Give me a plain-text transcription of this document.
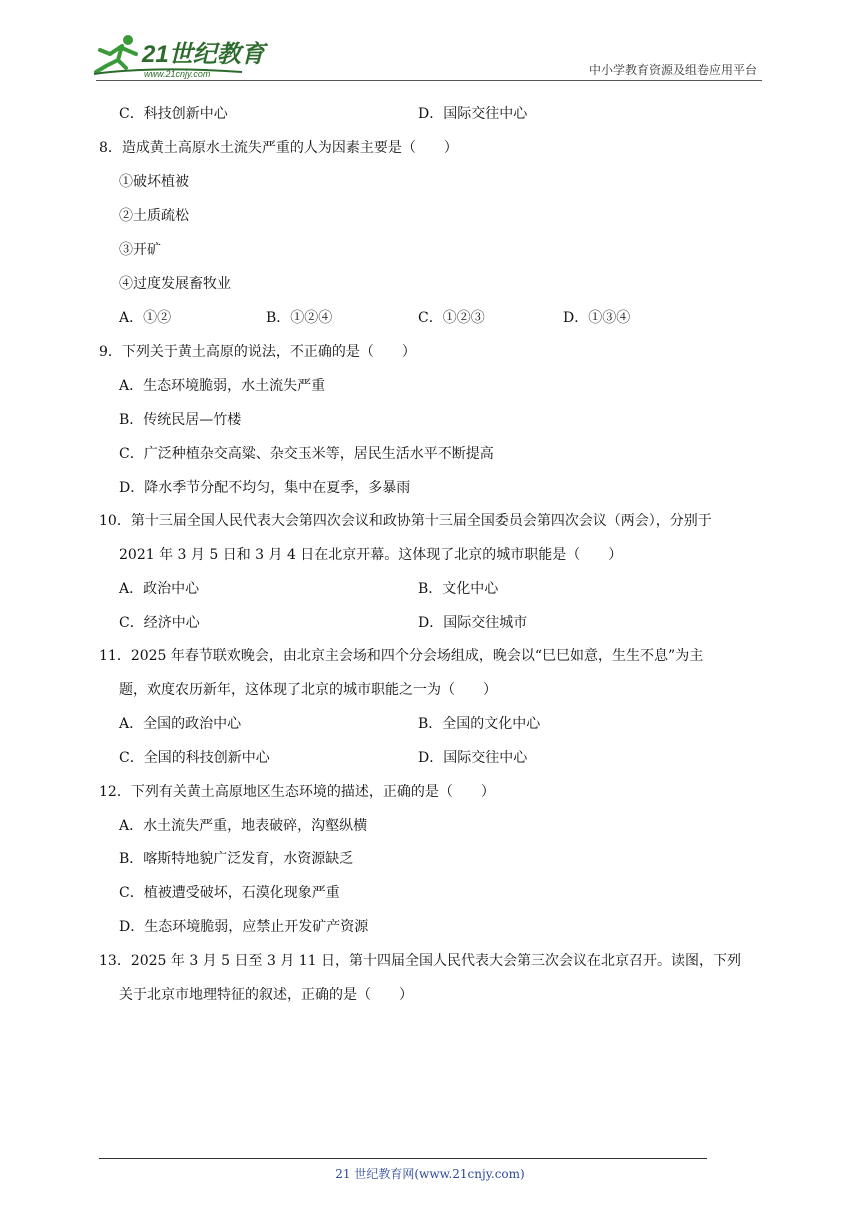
21世纪教育
www.21cnjy.com	中小学教育资源及组卷应用平台
C．科技创新中心	D．国际交往中心
8．造成黄土高原水土流失严重的人为因素主要是（　　）
①破坏植被
②土质疏松
③开矿
④过度发展畜牧业
A．①②	B．①②④	C．①②③	D．①③④
9．下列关于黄土高原的说法，不正确的是（　　）
A．生态环境脆弱，水土流失严重
B．传统民居—竹楼
C．广泛种植杂交高粱、杂交玉米等，居民生活水平不断提高
D．降水季节分配不均匀，集中在夏季，多暴雨
10．第十三届全国人民代表大会第四次会议和政协第十三届全国委员会第四次会议（两会），分别于
2021 年 3 月 5 日和 3 月 4 日在北京开幕。这体现了北京的城市职能是（　　）
A．政治中心	B．文化中心
C．经济中心	D．国际交往城市
11．2025 年春节联欢晚会，由北京主会场和四个分会场组成，晚会以“巳巳如意，生生不息”为主
题，欢度农历新年，这体现了北京的城市职能之一为（　　）
A．全国的政治中心	B．全国的文化中心
C．全国的科技创新中心	D．国际交往中心
12．下列有关黄土高原地区生态环境的描述，正确的是（　　）
A．水土流失严重，地表破碎，沟壑纵横
B．喀斯特地貌广泛发育，水资源缺乏
C．植被遭受破坏，石漠化现象严重
D．生态环境脆弱，应禁止开发矿产资源
13．2025 年 3 月 5 日至 3 月 11 日，第十四届全国人民代表大会第三次会议在北京召开。读图，下列
关于北京市地理特征的叙述，正确的是（　　）
21 世纪教育网(www.21cnjy.com)
